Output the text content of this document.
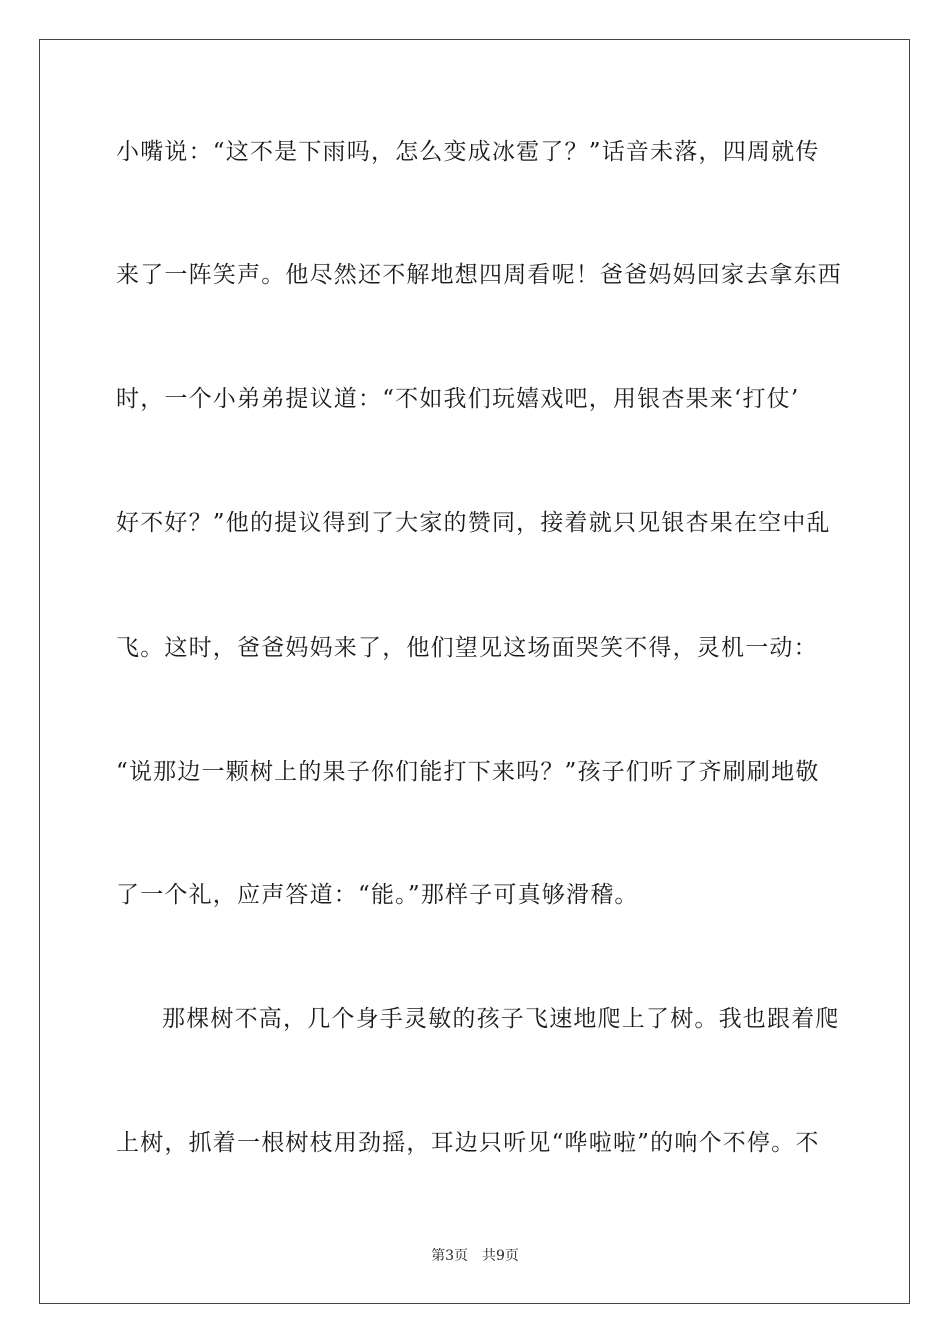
小嘴说：“这不是下雨吗，怎么变成冰雹了？”话音未落，四周就传
来了一阵笑声。他尽然还不解地想四周看呢！爸爸妈妈回家去拿东西
时，一个小弟弟提议道：“不如我们玩嬉戏吧，用银杏果来‘打仗’
好不好？”他的提议得到了大家的赞同，接着就只见银杏果在空中乱
飞。这时，爸爸妈妈来了，他们望见这场面哭笑不得，灵机一动：
“说那边一颗树上的果子你们能打下来吗？”孩子们听了齐刷刷地敬
了一个礼，应声答道：“能。”那样子可真够滑稽。
那棵树不高，几个身手灵敏的孩子飞速地爬上了树。我也跟着爬
上树，抓着一根树枝用劲摇，耳边只听见“哗啦啦”的响个不停。不
第3页 共9页
